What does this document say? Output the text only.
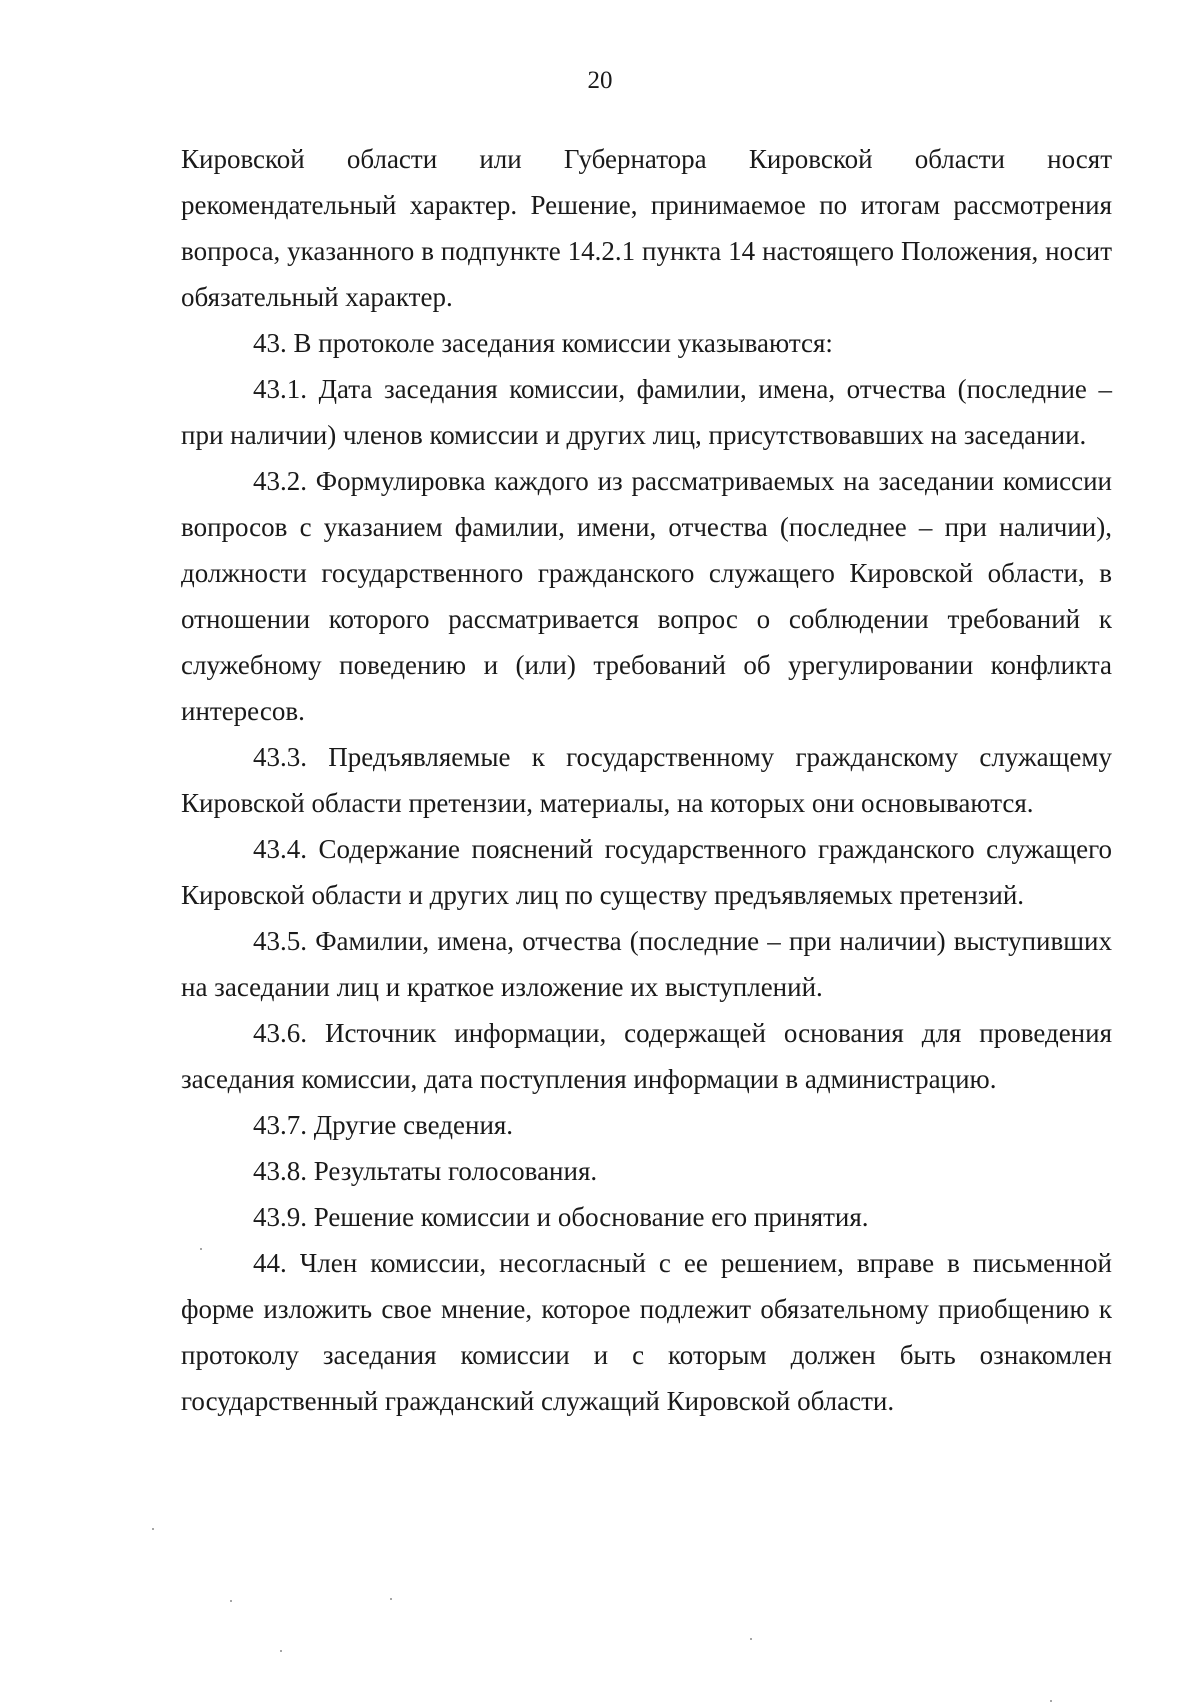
20

Кировской области или Губернатора Кировской области носят рекомендательный характер. Решение, принимаемое по итогам рассмотрения вопроса, указанного в подпункте 14.2.1 пункта 14 настоящего Положения, носит обязательный характер.

43. В протоколе заседания комиссии указываются:

43.1. Дата заседания комиссии, фамилии, имена, отчества (последние – при наличии) членов комиссии и других лиц, присутствовавших на заседании.

43.2. Формулировка каждого из рассматриваемых на заседании комиссии вопросов с указанием фамилии, имени, отчества (последнее – при наличии), должности государственного гражданского служащего Кировской области, в отношении которого рассматривается вопрос о соблюдении требований к служебному поведению и (или) требований об урегулировании конфликта интересов.

43.3. Предъявляемые к государственному гражданскому служащему Кировской области претензии, материалы, на которых они основываются.

43.4. Содержание пояснений государственного гражданского служащего Кировской области и других лиц по существу предъявляемых претензий.

43.5. Фамилии, имена, отчества (последние – при наличии) выступивших на заседании лиц и краткое изложение их выступлений.

43.6. Источник информации, содержащей основания для проведения заседания комиссии, дата поступления информации в администрацию.

43.7. Другие сведения.

43.8. Результаты голосования.

43.9. Решение комиссии и обоснование его принятия.

44. Член комиссии, несогласный с ее решением, вправе в письменной форме изложить свое мнение, которое подлежит обязательному приобщению к протоколу заседания комиссии и с которым должен быть ознакомлен государственный гражданский служащий Кировской области.
